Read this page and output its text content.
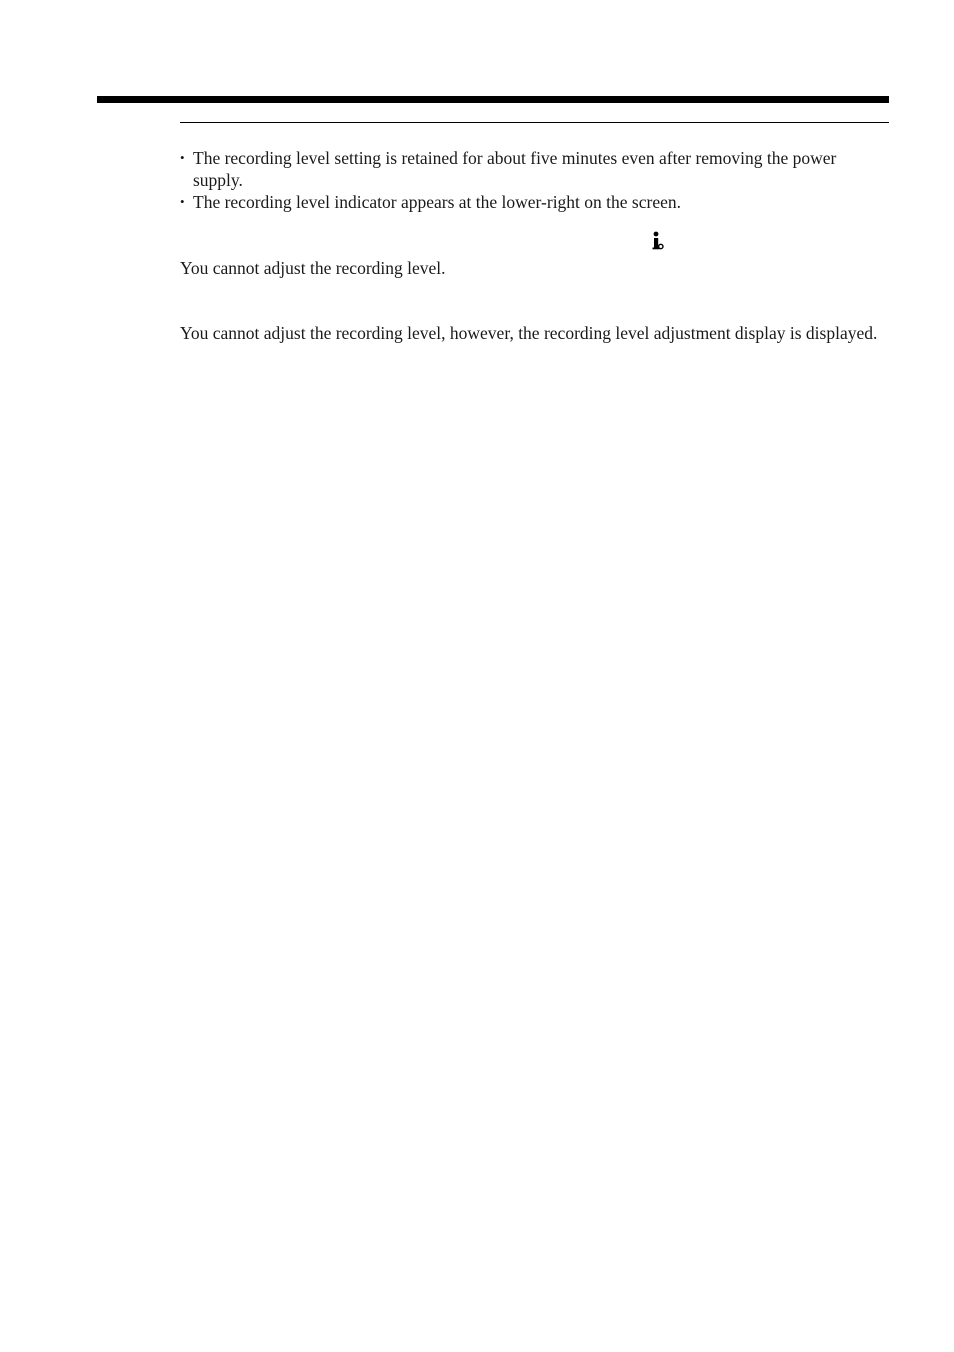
• The recording level setting is retained for about five minutes even after removing the power supply.
• The recording level indicator appears at the lower-right on the screen.

You cannot adjust the recording level.

You cannot adjust the recording level, however, the recording level adjustment display is displayed.
